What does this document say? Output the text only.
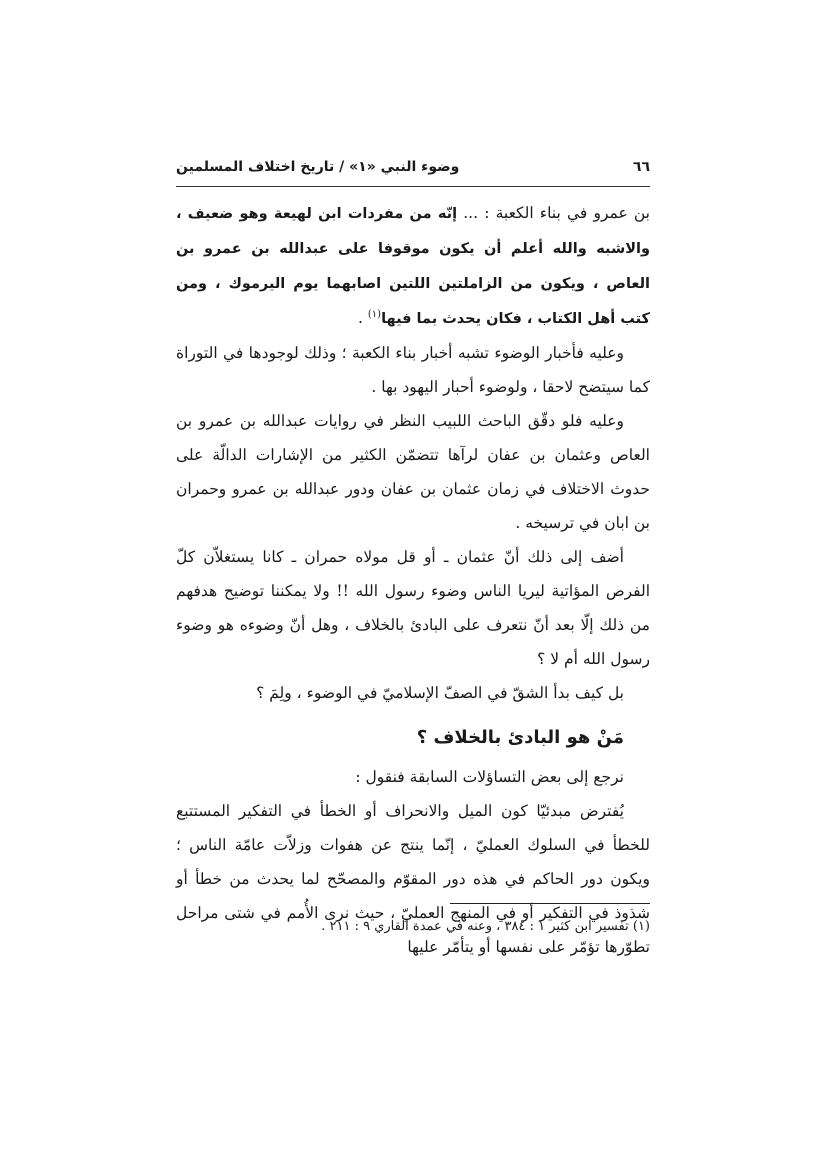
٦٦
وضوء النبي «١» / تاريخ اختلاف المسلمين

بن عمرو في بناء الكعبة : ... إنّه من مفردات ابن لهيعة وهو ضعيف ، والاشبه والله أعلم أن يكون موقوفا على عبدالله بن عمرو بن العاص ، ويكون من الزاملتين اللتين اصابهما يوم اليرموك ، ومن كتب أهل الكتاب ، فكان يحدث بما فيها$^{(١)}$ .

وعليه فأخبار الوضوء تشبه أخبار بناء الكعبة ؛ وذلك لوجودها في التوراة كما سيتضح لاحقا ، ولوضوء أحبار اليهود بها .

وعليه فلو دقّق الباحث اللبيب النظر في روايات عبدالله بن عمرو بن العاص وعثمان بن عفان لرآها تتضمّن الكثير من الإشارات الدالّة على حدوث الاختلاف في زمان عثمان بن عفان ودور عبدالله بن عمرو وحمران بن ابان في ترسيخه .

أضف إلى ذلك أنّ عثمان ـ أو قل مولاه حمران ـ كانا يستغلاّن كلّ الفرص المؤاتية ليريا الناس وضوء رسول الله !! ولا يمكننا توضيح هدفهم من ذلك إلّا بعد أنّ نتعرف على البادئ بالخلاف ، وهل أنّ وضوءه هو وضوء رسول الله أم لا ؟

بل كيف بدأ الشقّ في الصفّ الإسلاميّ في الوضوء ، ولِمَ ؟

مَنْ هو البادئ بالخلاف ؟

نرجع إلى بعض التساؤلات السابقة فنقول :

يُفترض مبدئيّا كون الميل والانحراف أو الخطأ في التفكير المستتبع للخطأ في السلوك العمليّ ، إنّما ينتج عن هفوات وزلاّت عامّة الناس ؛ ويكون دور الحاكم في هذه دور المقوّم والمصحّح لما يحدث من خطأ أو شذوذ في التفكير أو في المنهج العمليّ ، حيث نرى الأُمم في شتى مراحل تطوّرها تؤمّر على نفسها أو يتأمّر عليها

(١) تفسير ابن كثير ١ : ٣٨٤ ، وعنه في عمدة القاري ٩ : ٢١١ .
